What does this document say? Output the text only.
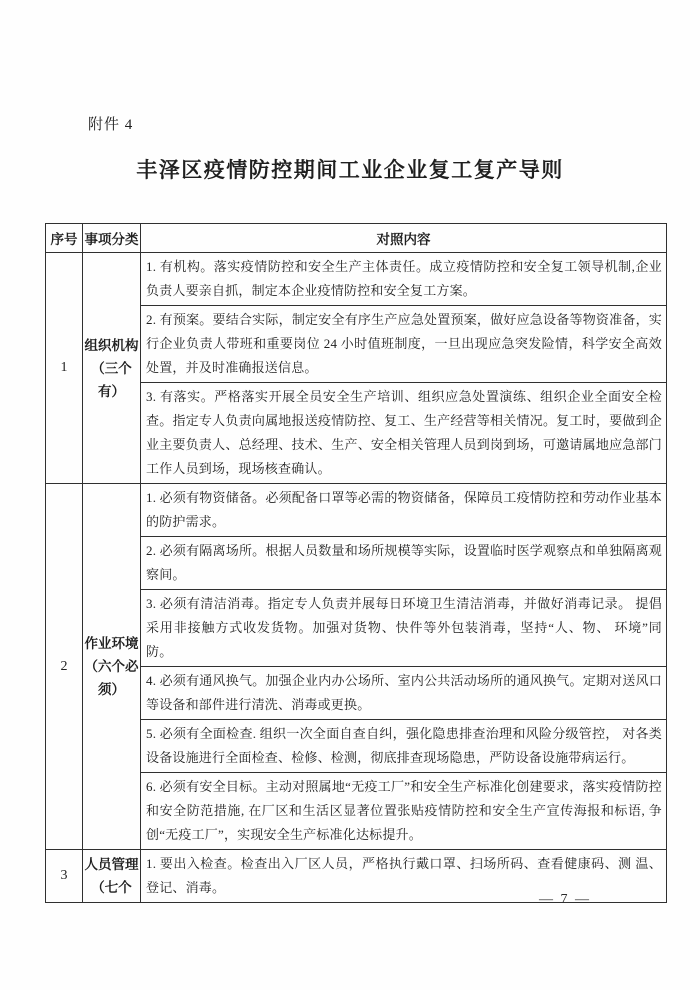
附件 4
丰泽区疫情防控期间工业企业复工复产导则
序号 事项分类	对照内容
1
组织机构
（三个
有）
1. 有机构。落实疫情防控和安全生产主体责任。成立疫情防控和安全复工领导机制,企业负责人要亲自抓，制定本企业疫情防控和安全复工方案。
2. 有预案。要结合实际，制定安全有序生产应急处置预案，做好应急设备等物资准备，实行企业负责人带班和重要岗位 24 小时值班制度，一旦出现应急突发险情，科学安全高效处置，并及时准确报送信息。
3. 有落实。严格落实开展全员安全生产培训、组织应急处置演练、组织企业全面安全检查。指定专人负责向属地报送疫情防控、复工、生产经营等相关情况。复工时，要做到企业主要负责人、总经理、技术、生产、安全相关管理人员到岗到场，可邀请属地应急部门工作人员到场，现场核查确认。
2
作业环境
（六个必
须）
1. 必须有物资储备。必须配备口罩等必需的物资储备，保障员工疫情防控和劳动作业基本的防护需求。
2. 必须有隔离场所。根据人员数量和场所规模等实际，设置临时医学观察点和单独隔离观察间。
3. 必须有清洁消毒。指定专人负责并展每日环境卫生清洁消毒，并做好消毒记录。 提倡采用非接触方式收发货物。加强对货物、快件等外包装消毒，坚持“人、物、 环境”同防。
4. 必须有通风换气。加强企业内办公场所、室内公共活动场所的通风换气。定期对送风口等设备和部件进行清洗、消毒或更换。
5. 必须有全面检查. 组织一次全面自查自纠，强化隐患排查治理和风险分级管控， 对各类设备设施进行全面检查、检修、检测，彻底排查现场隐患，严防设备设施带病运行。
6. 必须有安全目标。主动对照属地“无疫工厂”和安全生产标准化创建要求，落实疫情防控和安全防范措施, 在厂区和生活区显著位置张贴疫情防控和安全生产宣传海报和标语, 争创“无疫工厂”，实现安全生产标准化达标提升。
3
人员管理
（七个
1. 要出入检查。检查出入厂区人员，严格执行戴口罩、扫场所码、查看健康码、测 温、登记、消毒。
— 7 —
